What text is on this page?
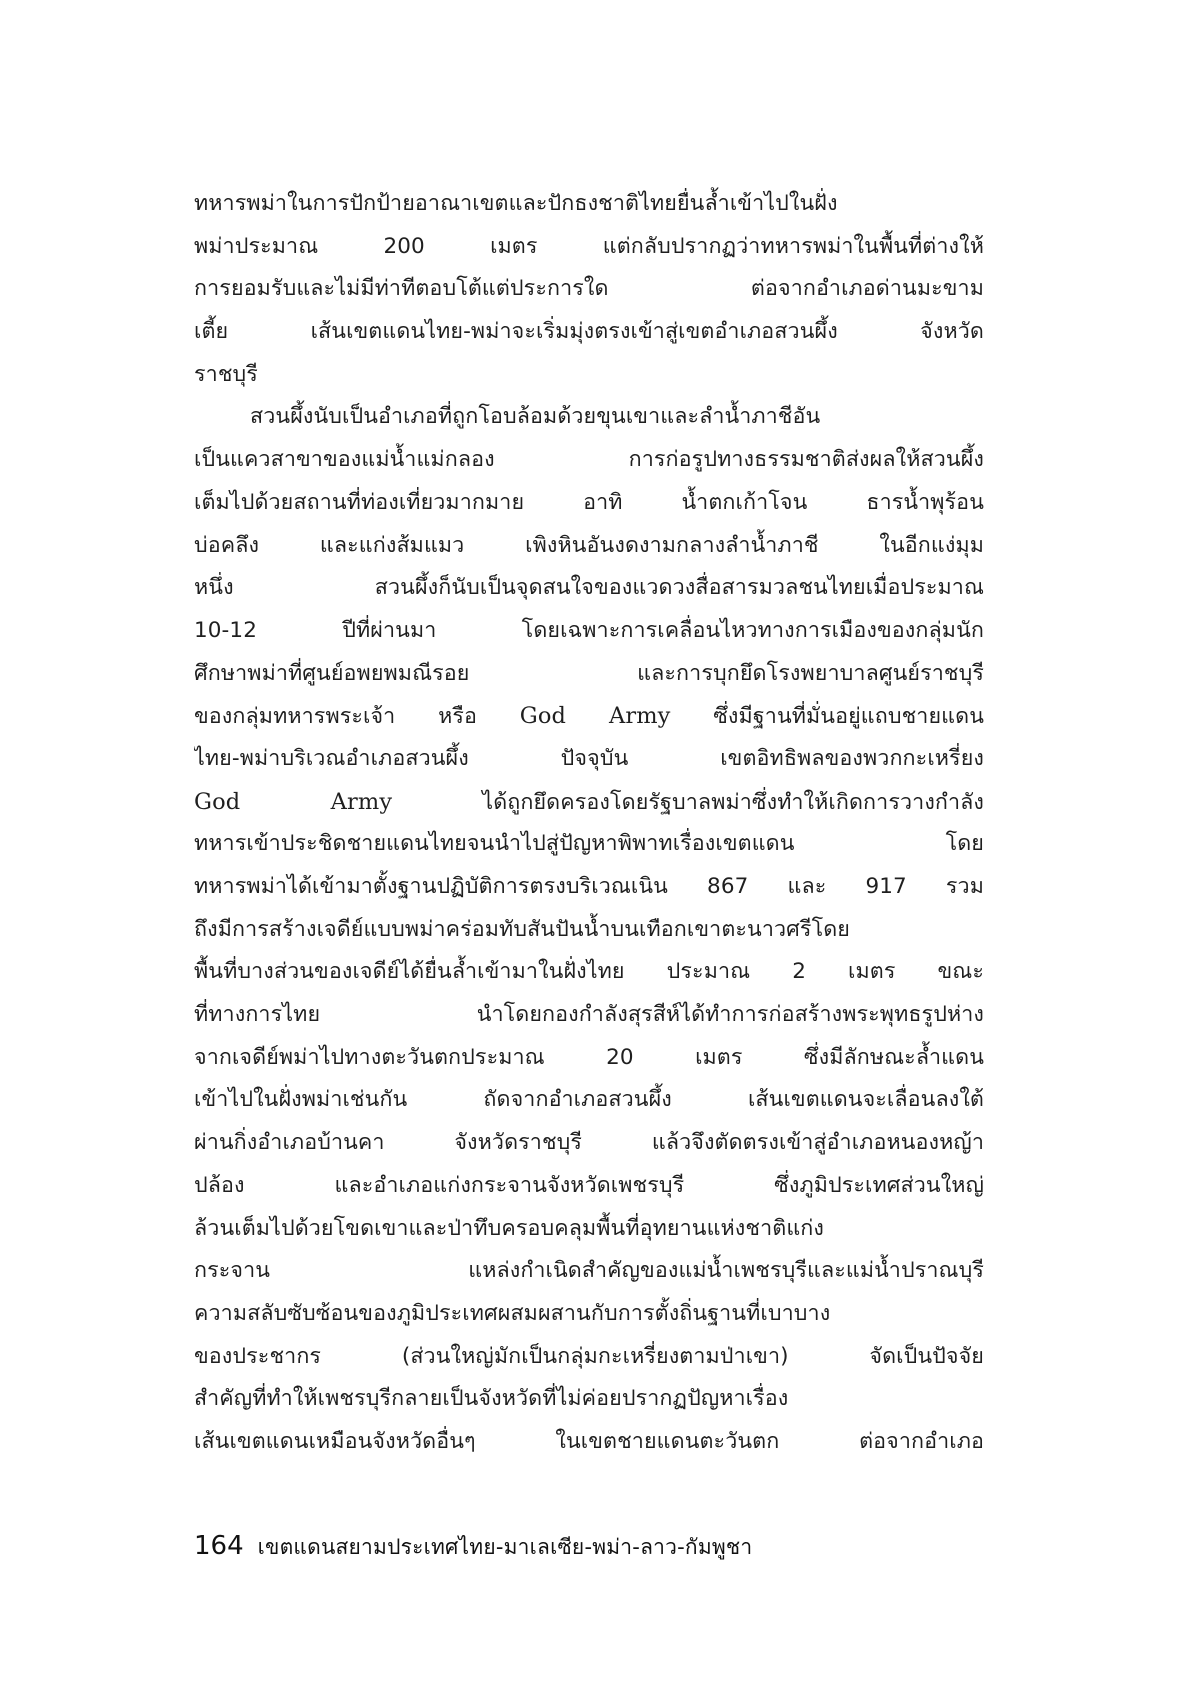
ทหารพม่าในการปักป้ายอาณาเขตและปักธงชาติไทยยื่นล้ำเข้าไปในฝั่ง
พม่าประมาณ 200 เมตร แต่กลับปรากฏว่าทหารพม่าในพื้นที่ต่างให้
การยอมรับและไม่มีท่าทีตอบโต้แต่ประการใด ต่อจากอำเภอด่านมะขาม
เตี้ย เส้นเขตแดนไทย-พม่าจะเริ่มมุ่งตรงเข้าสู่เขตอำเภอสวนผึ้ง จังหวัด
ราชบุรี
สวนผึ้งนับเป็นอำเภอที่ถูกโอบล้อมด้วยขุนเขาและลำน้ำภาชีอัน
เป็นแควสาขาของแม่น้ำแม่กลอง การก่อรูปทางธรรมชาติส่งผลให้สวนผึ้ง
เต็มไปด้วยสถานที่ท่องเที่ยวมากมาย อาทิ น้ำตกเก้าโจน ธารน้ำพุร้อน
บ่อคลึง และแก่งส้มแมว เพิงหินอันงดงามกลางลำน้ำภาชี ในอีกแง่มุม
หนึ่ง สวนผึ้งก็นับเป็นจุดสนใจของแวดวงสื่อสารมวลชนไทยเมื่อประมาณ
10-12 ปีที่ผ่านมา โดยเฉพาะการเคลื่อนไหวทางการเมืองของกลุ่มนัก
ศึกษาพม่าที่ศูนย์อพยพมณีรอย และการบุกยึดโรงพยาบาลศูนย์ราชบุรี
ของกลุ่มทหารพระเจ้า หรือ God Army ซึ่งมีฐานที่มั่นอยู่แถบชายแดน
ไทย-พม่าบริเวณอำเภอสวนผึ้ง ปัจจุบัน เขตอิทธิพลของพวกกะเหรี่ยง
God Army ได้ถูกยึดครองโดยรัฐบาลพม่าซึ่งทำให้เกิดการวางกำลัง
ทหารเข้าประชิดชายแดนไทยจนนำไปสู่ปัญหาพิพาทเรื่องเขตแดน โดย
ทหารพม่าได้เข้ามาตั้งฐานปฏิบัติการตรงบริเวณเนิน 867 และ 917 รวม
ถึงมีการสร้างเจดีย์แบบพม่าคร่อมทับสันปันน้ำบนเทือกเขาตะนาวศรีโดย
พื้นที่บางส่วนของเจดีย์ได้ยื่นล้ำเข้ามาในฝั่งไทย ประมาณ 2 เมตร ขณะ
ที่ทางการไทย นำโดยกองกำลังสุรสีห์ได้ทำการก่อสร้างพระพุทธรูปห่าง
จากเจดีย์พม่าไปทางตะวันตกประมาณ 20 เมตร ซึ่งมีลักษณะล้ำแดน
เข้าไปในฝั่งพม่าเช่นกัน ถัดจากอำเภอสวนผึ้ง เส้นเขตแดนจะเลื่อนลงใต้
ผ่านกิ่งอำเภอบ้านคา จังหวัดราชบุรี แล้วจึงตัดตรงเข้าสู่อำเภอหนองหญ้า
ปล้อง และอำเภอแก่งกระจานจังหวัดเพชรบุรี ซึ่งภูมิประเทศส่วนใหญ่
ล้วนเต็มไปด้วยโขดเขาและป่าทึบครอบคลุมพื้นที่อุทยานแห่งชาติแก่ง
กระจาน แหล่งกำเนิดสำคัญของแม่น้ำเพชรบุรีและแม่น้ำปราณบุรี
ความสลับซับซ้อนของภูมิประเทศผสมผสานกับการตั้งถิ่นฐานที่เบาบาง
ของประชากร (ส่วนใหญ่มักเป็นกลุ่มกะเหรี่ยงตามป่าเขา) จัดเป็นปัจจัย
สำคัญที่ทำให้เพชรบุรีกลายเป็นจังหวัดที่ไม่ค่อยปรากฏปัญหาเรื่อง
เส้นเขตแดนเหมือนจังหวัดอื่นๆ ในเขตชายแดนตะวันตก ต่อจากอำเภอ
164 เขตแดนสยามประเทศไทย-มาเลเซีย-พม่า-ลาว-กัมพูชา
